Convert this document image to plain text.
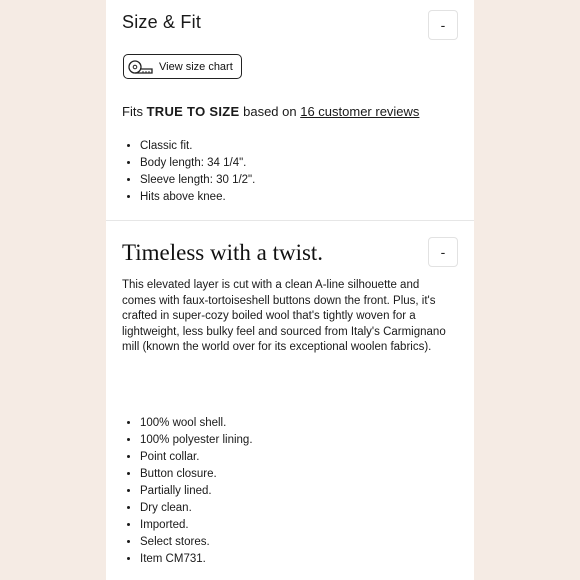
Size & Fit	-
View size chart
Fits TRUE TO SIZE based on 16 customer reviews
• Classic fit.
• Body length: 34 1/4".
• Sleeve length: 30 1/2".
• Hits above knee.
Timeless with a twist.	-
This elevated layer is cut with a clean A-line silhouette and comes with faux-tortoiseshell buttons down the front. Plus, it's crafted in super-cozy boiled wool that's tightly woven for a lightweight, less bulky feel and sourced from Italy's Carmignano mill (known the world over for its exceptional woolen fabrics).
• 100% wool shell.
• 100% polyester lining.
• Point collar.
• Button closure.
• Partially lined.
• Dry clean.
• Imported.
• Select stores.
• Item CM731.
